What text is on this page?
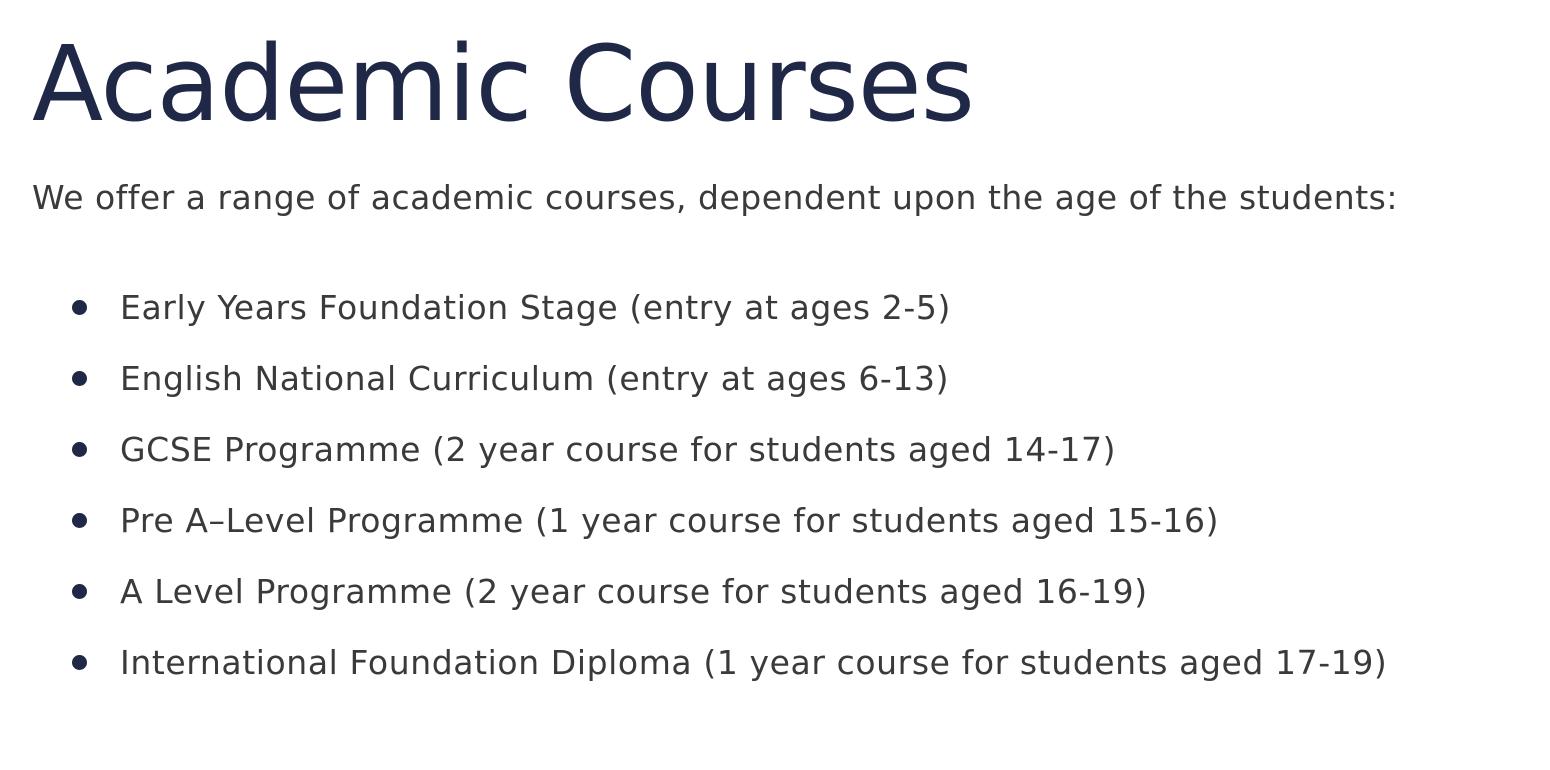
Academic Courses

We offer a range of academic courses, dependent upon the age of the students:

Early Years Foundation Stage (entry at ages 2-5)
English National Curriculum (entry at ages 6-13)
GCSE Programme (2 year course for students aged 14-17)
Pre A–Level Programme (1 year course for students aged 15-16)
A Level Programme (2 year course for students aged 16-19)
International Foundation Diploma (1 year course for students aged 17-19)
